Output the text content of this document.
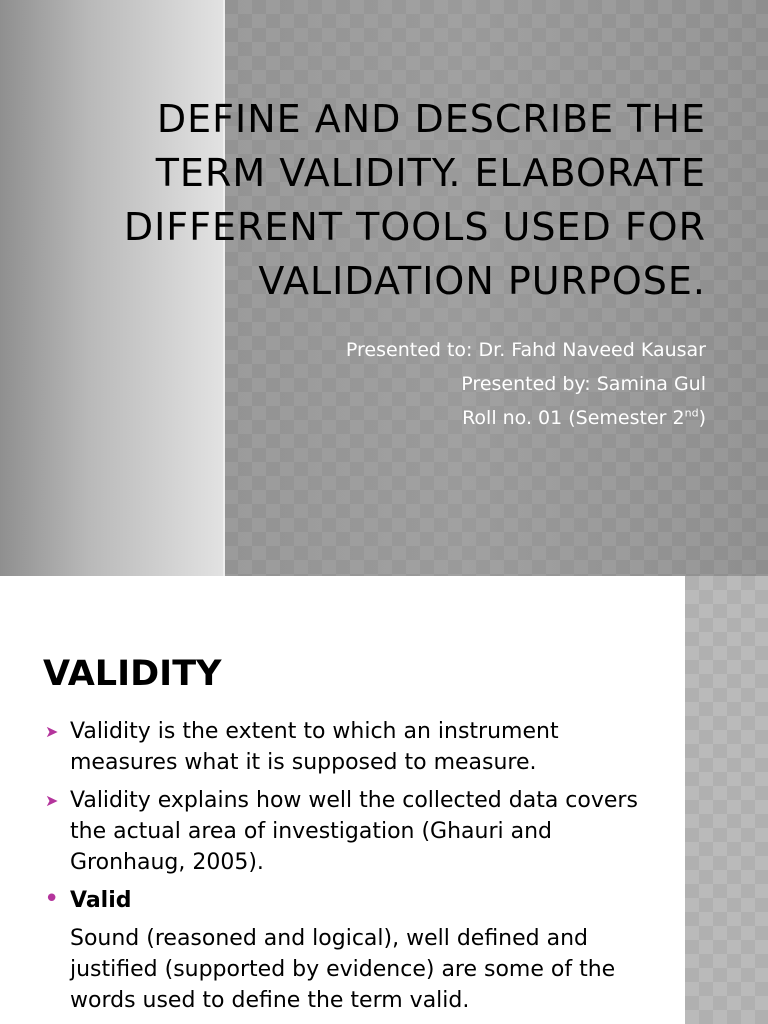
DEFINE AND DESCRIBE THE TERM VALIDITY. ELABORATE DIFFERENT TOOLS USED FOR VALIDATION PURPOSE.
Presented to: Dr. Fahd Naveed Kausar
Presented by: Samina Gul
Roll no. 01 (Semester 2nd)
VALIDITY
➤ Validity is the extent to which an instrument measures what it is supposed to measure.
➤ Validity explains how well the collected data covers the actual area of investigation (Ghauri and Gronhaug, 2005).
• Valid
Sound (reasoned and logical), well defined and justified (supported by evidence) are some of the words used to define the term valid.
